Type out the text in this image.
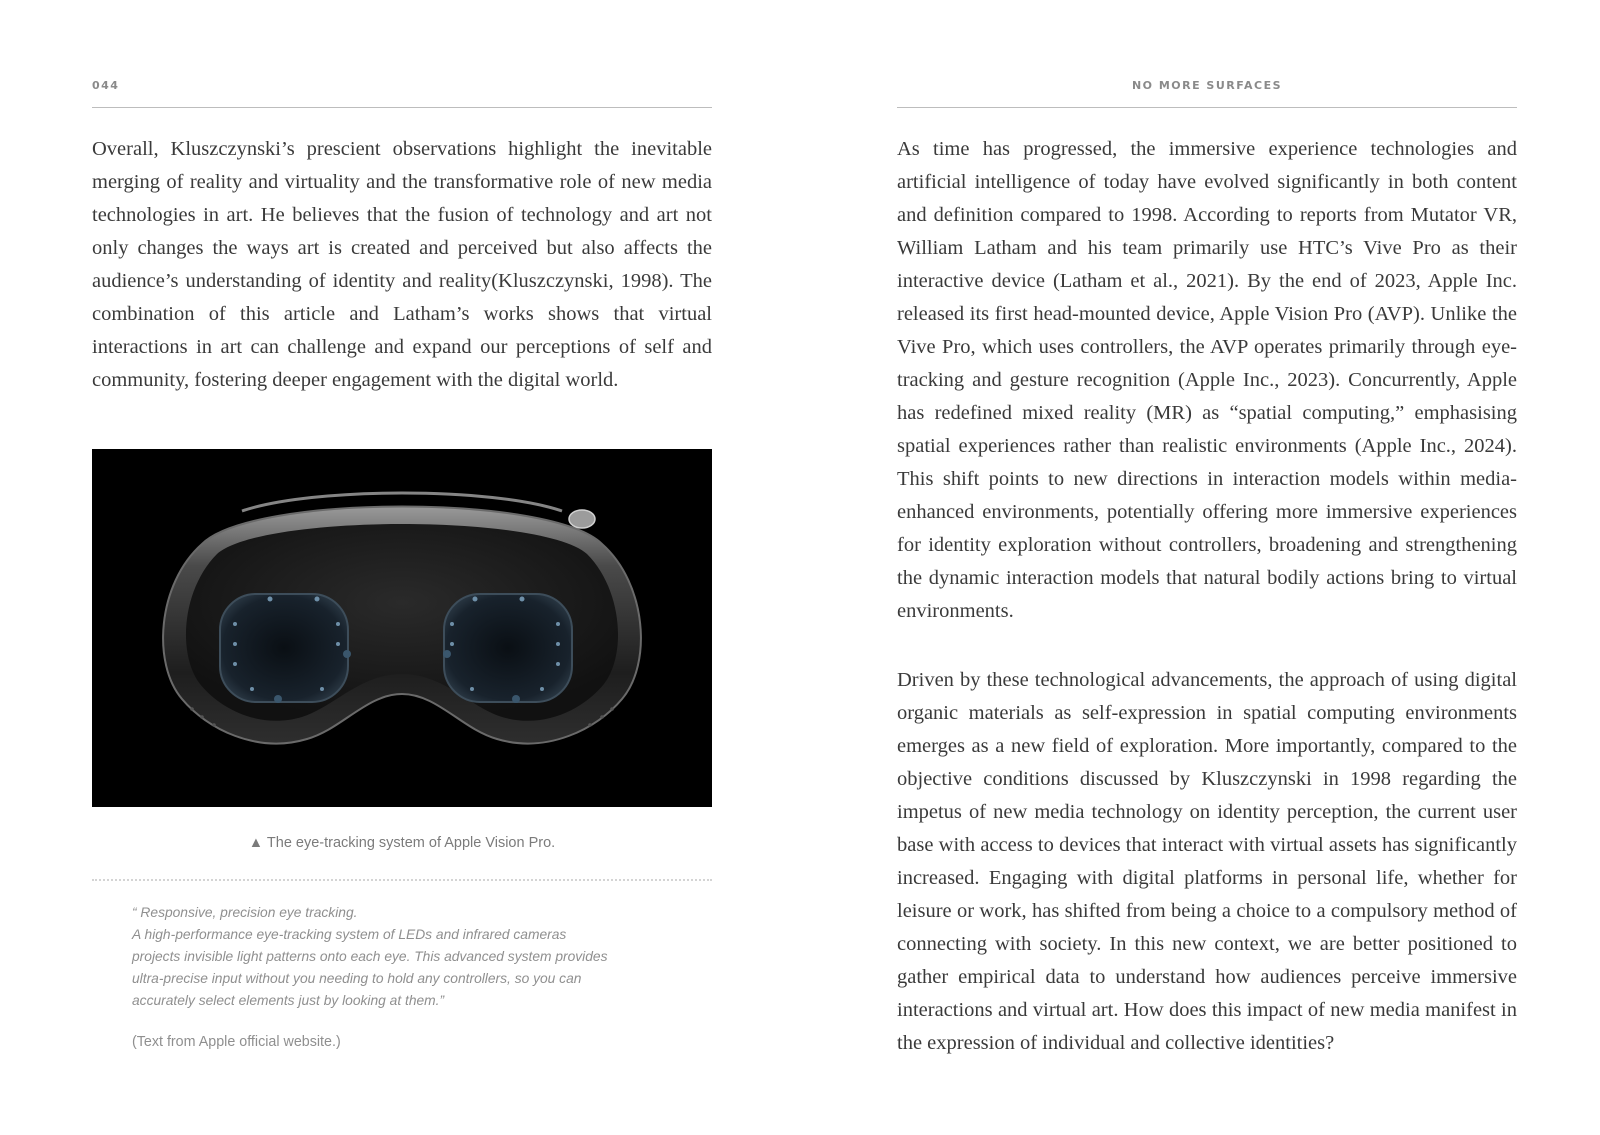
044

Overall, Kluszczynski’s prescient observations highlight the inevitable merging of reality and virtuality and the transformative role of new media technologies in art. He believes that the fusion of technology and art not only changes the ways art is created and perceived but also affects the audience’s understanding of identity and reality(Kluszczynski, 1998). The combination of this article and Latham’s works shows that virtual interactions in art can challenge and expand our perceptions of self and community, fostering deeper engagement with the digital world.

▲ The eye-tracking system of Apple Vision Pro.
“ Responsive, precision eye tracking.
A high-performance eye-tracking system of LEDs and infrared cameras
projects invisible light patterns onto each eye. This advanced system provides
ultra-precise input without you needing to hold any controllers, so you can
accurately select elements just by looking at them.”
(Text from Apple official website.)
NO MORE SURFACES

As time has progressed, the immersive experience technologies and artificial intelligence of today have evolved significantly in both content and definition compared to 1998. According to reports from Mutator VR, William Latham and his team primarily use HTC’s Vive Pro as their interactive device (Latham et al., 2021). By the end of 2023, Apple Inc. released its first head-mounted device, Apple Vision Pro (AVP). Unlike the Vive Pro, which uses controllers, the AVP operates primarily through eye-tracking and gesture recognition (Apple Inc., 2023). Concurrently, Apple has redefined mixed reality (MR) as “spatial computing,” emphasising spatial experiences rather than realistic environments (Apple Inc., 2024). This shift points to new directions in interaction models within media-enhanced environments, potentially offering more immersive experiences for identity exploration without controllers, broadening and strengthening the dynamic interaction models that natural bodily actions bring to virtual environments.

Driven by these technological advancements, the approach of using digital organic materials as self-expression in spatial computing environments emerges as a new field of exploration. More importantly, compared to the objective conditions discussed by Kluszczynski in 1998 regarding the impetus of new media technology on identity perception, the current user base with access to devices that interact with virtual assets has significantly increased. Engaging with digital platforms in personal life, whether for leisure or work, has shifted from being a choice to a compulsory method of connecting with society. In this new context, we are better positioned to gather empirical data to understand how audiences perceive immersive interactions and virtual art. How does this impact of new media manifest in the expression of individual and collective identities?
